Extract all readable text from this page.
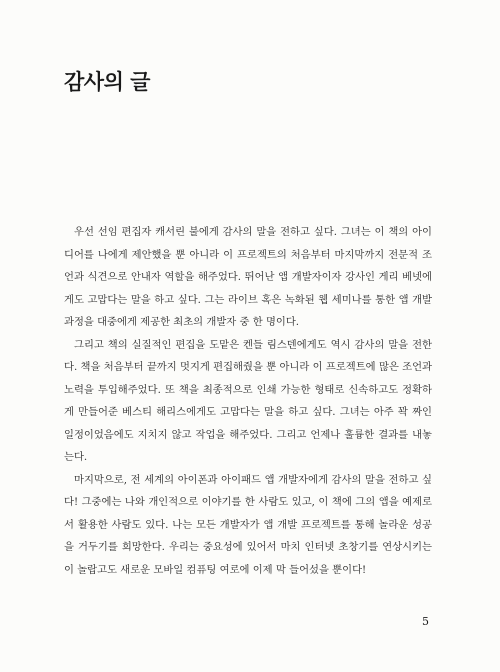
감사의 글

우선 선임 편집자 캐서린 불에게 감사의 말을 전하고 싶다. 그녀는 이 책의 아이디어를 나에게 제안했을 뿐 아니라 이 프로젝트의 처음부터 마지막까지 전문적 조언과 식견으로 안내자 역할을 해주었다. 뛰어난 앱 개발자이자 강사인 게리 베넷에게도 고맙다는 말을 하고 싶다. 그는 라이브 혹은 녹화된 웹 세미나를 통한 앱 개발 과정을 대중에게 제공한 최초의 개발자 중 한 명이다.

그리고 책의 실질적인 편집을 도맡은 켄들 림스덴에게도 역시 감사의 말을 전한다. 책을 처음부터 끝까지 멋지게 편집해줬을 뿐 아니라 이 프로젝트에 많은 조언과 노력을 투입해주었다. 또 책을 최종적으로 인쇄 가능한 형태로 신속하고도 정확하게 만들어준 베스티 해리스에게도 고맙다는 말을 하고 싶다. 그녀는 아주 꽉 짜인 일정이었음에도 지치지 않고 작업을 해주었다. 그리고 언제나 훌륭한 결과를 내놓는다.

마지막으로, 전 세계의 아이폰과 아이패드 앱 개발자에게 감사의 말을 전하고 싶다! 그중에는 나와 개인적으로 이야기를 한 사람도 있고, 이 책에 그의 앱을 예제로서 활용한 사람도 있다. 나는 모든 개발자가 앱 개발 프로젝트를 통해 놀라운 성공을 거두기를 희망한다. 우리는 중요성에 있어서 마치 인터넷 초창기를 연상시키는 이 놀랍고도 새로운 모바일 컴퓨팅 여로에 이제 막 들어섰을 뿐이다!

5
